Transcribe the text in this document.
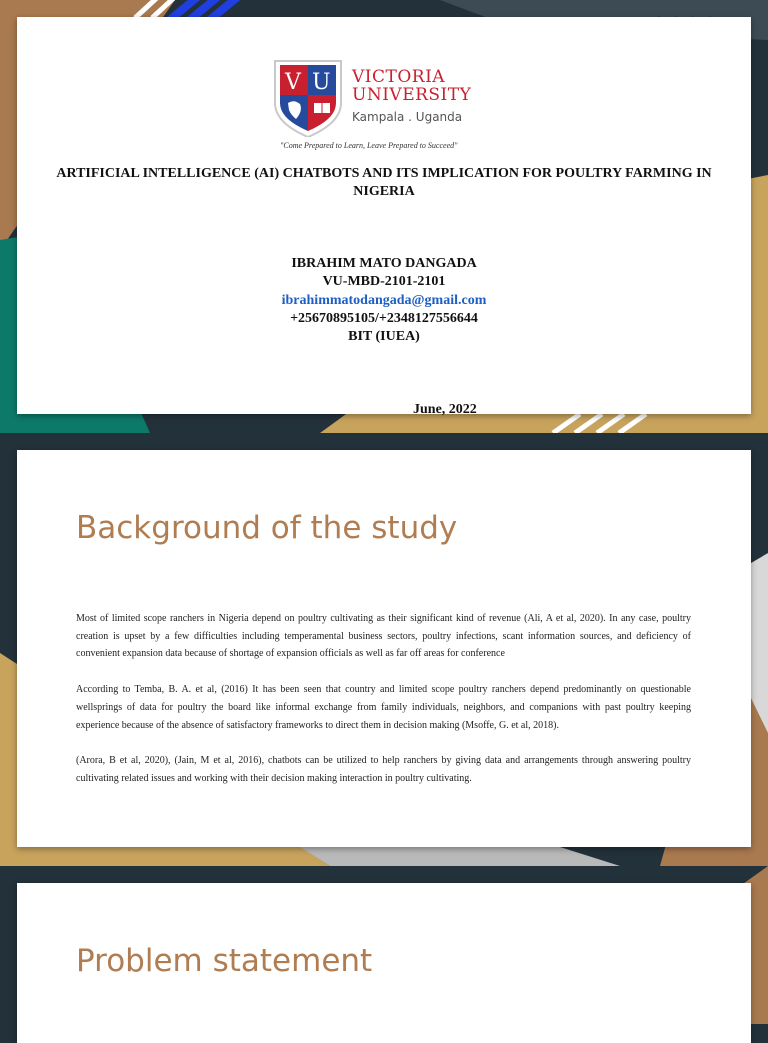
V U VICTORIA
UNIVERSITY
Kampala . Uganda
"Come Prepared to Learn, Leave Prepared to Succeed"
ARTIFICIAL INTELLIGENCE (AI) CHATBOTS AND ITS IMPLICATION FOR POULTRY FARMING IN NIGERIA
IBRAHIM MATO DANGADA
VU-MBD-2101-2101
ibrahimmatodangada@gmail.com
+25670895105/+2348127556644
BIT (IUEA)
June, 2022
Background of the study

Most of limited scope ranchers in Nigeria depend on poultry cultivating as their significant kind of revenue (Ali, A et al, 2020). In any case, poultry creation is upset by a few difficulties including temperamental business sectors, poultry infections, scant information sources, and deficiency of convenient expansion data because of shortage of expansion officials as well as far off areas for conference

According to Temba, B. A. et al, (2016) It has been seen that country and limited scope poultry ranchers depend predominantly on questionable wellsprings of data for poultry the board like informal exchange from family individuals, neighbors, and companions with past poultry keeping experience because of the absence of satisfactory frameworks to direct them in decision making (Msoffe, G. et al, 2018).

(Arora, B et al, 2020), (Jain, M et al, 2016), chatbots can be utilized to help ranchers by giving data and arrangements through answering poultry cultivating related issues and working with their decision making interaction in poultry cultivating.

Problem statement
